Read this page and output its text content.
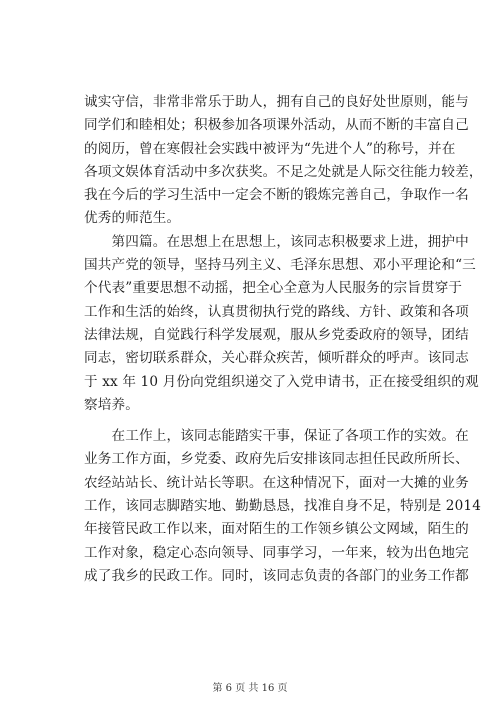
诚实守信，非常非常乐于助人，拥有自己的良好处世原则，能与
同学们和睦相处；积极参加各项课外活动，从而不断的丰富自己
的阅历，曾在寒假社会实践中被评为“先进个人”的称号，并在
各项文娱体育活动中多次获奖。不足之处就是人际交往能力较差，
我在今后的学习生活中一定会不断的锻炼完善自己，争取作一名
优秀的师范生。
　　第四篇。在思想上在思想上，该同志积极要求上进，拥护中
国共产党的领导，坚持马列主义、毛泽东思想、邓小平理论和“三
个代表”重要思想不动摇，把全心全意为人民服务的宗旨贯穿于
工作和生活的始终，认真贯彻执行党的路线、方针、政策和各项
法律法规，自觉践行科学发展观，服从乡党委政府的领导，团结
同志，密切联系群众，关心群众疾苦，倾听群众的呼声。该同志
于 xx 年 10 月份向党组织递交了入党申请书，正在接受组织的观
察培养。
　　在工作上，该同志能踏实干事，保证了各项工作的实效。在
业务工作方面，乡党委、政府先后安排该同志担任民政所所长、
农经站站长、统计站长等职。在这种情况下，面对一大摊的业务
工作，该同志脚踏实地、勤勤恳恳，找准自身不足，特别是 2014
年接管民政工作以来，面对陌生的工作领乡镇公文网域，陌生的
工作对象，稳定心态向领导、同事学习，一年来，较为出色地完
成了我乡的民政工作。同时，该同志负责的各部门的业务工作都
第 6 页 共 16 页
